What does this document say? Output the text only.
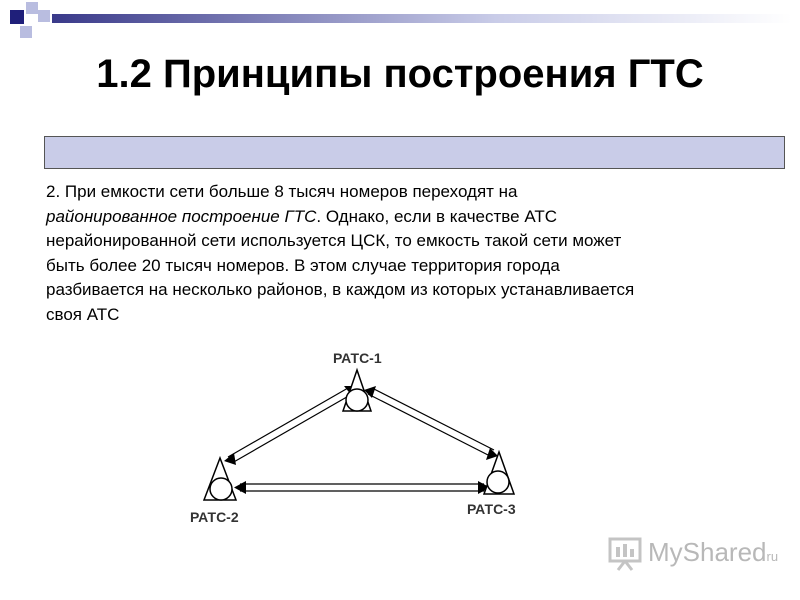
1.2 Принципы построения ГТС
2. При емкости сети больше 8 тысяч номеров переходят на
районированное построение ГТС. Однако, если в качестве АТС
нерайонированной сети используется ЦСК, то емкость такой сети может
быть более 20 тысяч номеров. В этом случае территория города
разбивается на несколько районов, в каждом из которых устанавливается
своя АТС
РАТС-1
РАТС-2	РАТС-3
MySharedru
